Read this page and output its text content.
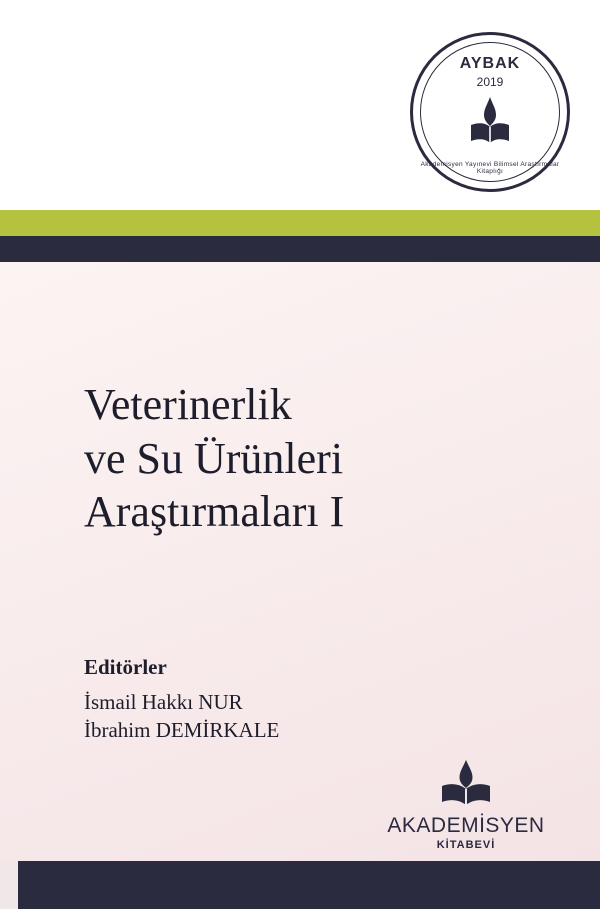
AYBAK
2019
Akademisyen Yayınevi Bilimsel Araştırmalar Kitaplığı
Veterinerlik
ve Su Ürünleri
Araştırmaları I
Editörler
İsmail Hakkı NUR
İbrahim DEMİRKALE
AKADEMİSYEN
KİTABEVİ
